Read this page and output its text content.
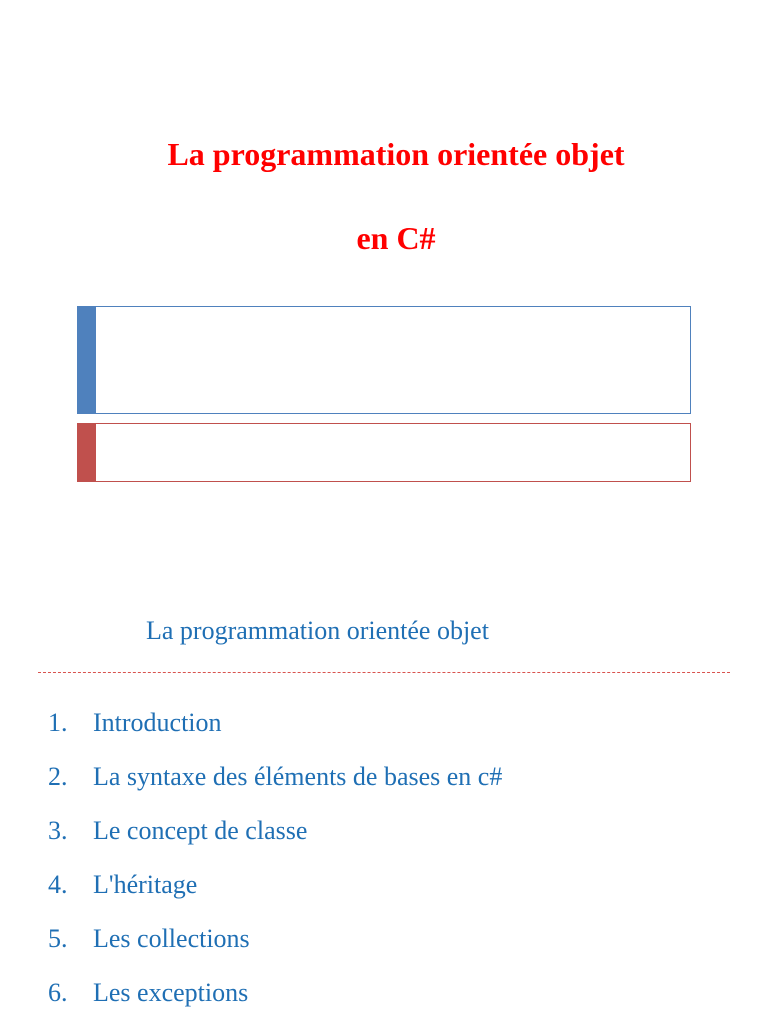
La programmation orientée objet
en C#
La programmation orientée objet
1. Introduction
2. La syntaxe des éléments de bases en c#
3. Le concept de classe
4. L'héritage
5. Les collections
6. Les exceptions
